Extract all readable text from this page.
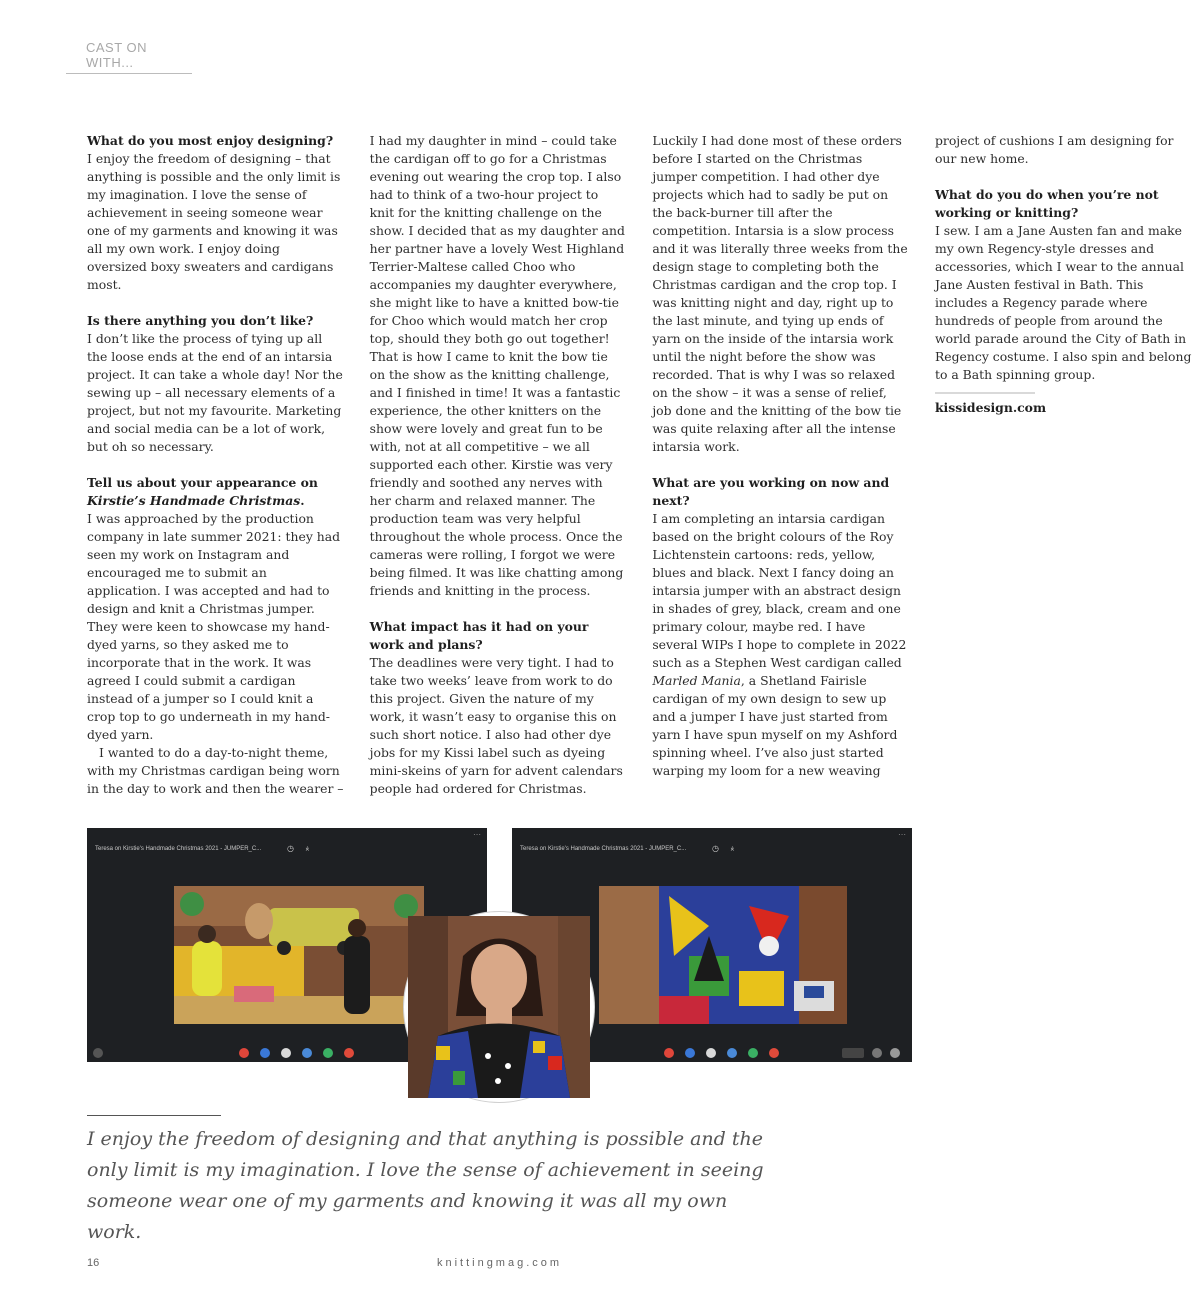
CAST ON WITH...

What do you most enjoy designing?

I enjoy the freedom of designing – that anything is possible and the only limit is my imagination. I love the sense of achievement in seeing someone wear one of my garments and knowing it was all my own work. I enjoy doing oversized boxy sweaters and cardigans most.

Is there anything you don’t like?

I don’t like the process of tying up all the loose ends at the end of an intarsia project. It can take a whole day! Nor the sewing up – all necessary elements of a project, but not my favourite. Marketing and social media can be a lot of work, but oh so necessary.

Tell us about your appearance on Kirstie’s Handmade Christmas.

I was approached by the production company in late summer 2021: they had seen my work on Instagram and encouraged me to submit an application. I was accepted and had to design and knit a Christmas jumper. They were keen to showcase my hand-dyed yarns, so they asked me to incorporate that in the work. It was agreed I could submit a cardigan instead of a jumper so I could knit a crop top to go underneath in my hand-dyed yarn.

I wanted to do a day-to-night theme, with my Christmas cardigan being worn in the day to work and then the wearer – I had my daughter in mind – could take the cardigan off to go for a Christmas evening out wearing the crop top. I also had to think of a two-hour project to knit for the knitting challenge on the show. I decided that as my daughter and her partner have a lovely West Highland Terrier-Maltese called Choo who accompanies my daughter everywhere, she might like to have a knitted bow-tie for Choo which would match her crop top, should they both go out together! That is how I came to knit the bow tie on the show as the knitting challenge, and I finished in time! It was a fantastic experience, the other knitters on the show were lovely and great fun to be with, not at all competitive – we all supported each other. Kirstie was very friendly and soothed any nerves with her charm and relaxed manner. The production team was very helpful throughout the whole process. Once the cameras were rolling, I forgot we were being filmed. It was like chatting among friends and knitting in the process.

What impact has it had on your work and plans?

The deadlines were very tight. I had to take two weeks’ leave from work to do this project. Given the nature of my work, it wasn’t easy to organise this on such short notice. I also had other dye jobs for my Kissi label such as dyeing mini-skeins of yarn for advent calendars people had ordered for Christmas. Luckily I had done most of these orders before I started on the Christmas jumper competition. I had other dye projects which had to sadly be put on the back-burner till after the competition. Intarsia is a slow process and it was literally three weeks from the design stage to completing both the Christmas cardigan and the crop top. I was knitting night and day, right up to the last minute, and tying up ends of yarn on the inside of the intarsia work until the night before the show was recorded. That is why I was so relaxed on the show – it was a sense of relief, job done and the knitting of the bow tie was quite relaxing after all the intense intarsia work.

What are you working on now and next?

I am completing an intarsia cardigan based on the bright colours of the Roy Lichtenstein cartoons: reds, yellow, blues and black. Next I fancy doing an intarsia jumper with an abstract design in shades of grey, black, cream and one primary colour, maybe red. I have several WIPs I hope to complete in 2022 such as a Stephen West cardigan called Marled Mania, a Shetland Fairisle cardigan of my own design to sew up and a jumper I have just started from yarn I have spun myself on my Ashford spinning wheel. I’ve also just started warping my loom for a new weaving project of cushions I am designing for our new home.

What do you do when you’re not working or knitting?

I sew. I am a Jane Austen fan and make my own Regency-style dresses and accessories, which I wear to the annual Jane Austen festival in Bath. This includes a Regency parade where hundreds of people from around the world parade around the City of Bath in Regency costume. I also spin and belong to a Bath spinning group.

kissidesign.com

Teresa on Kirstie's Handmade Christmas 2021 - JUMPER_C...	◷ ⨰
⋯
Teresa on Kirstie's Handmade Christmas 2021 - JUMPER_C...	◷ ⨰
⋯

I enjoy the freedom of designing and that anything is possible and the only limit is my imagination. I love the sense of achievement in seeing someone wear one of my garments and knowing it was all my own work.

16	knittingmag.com
